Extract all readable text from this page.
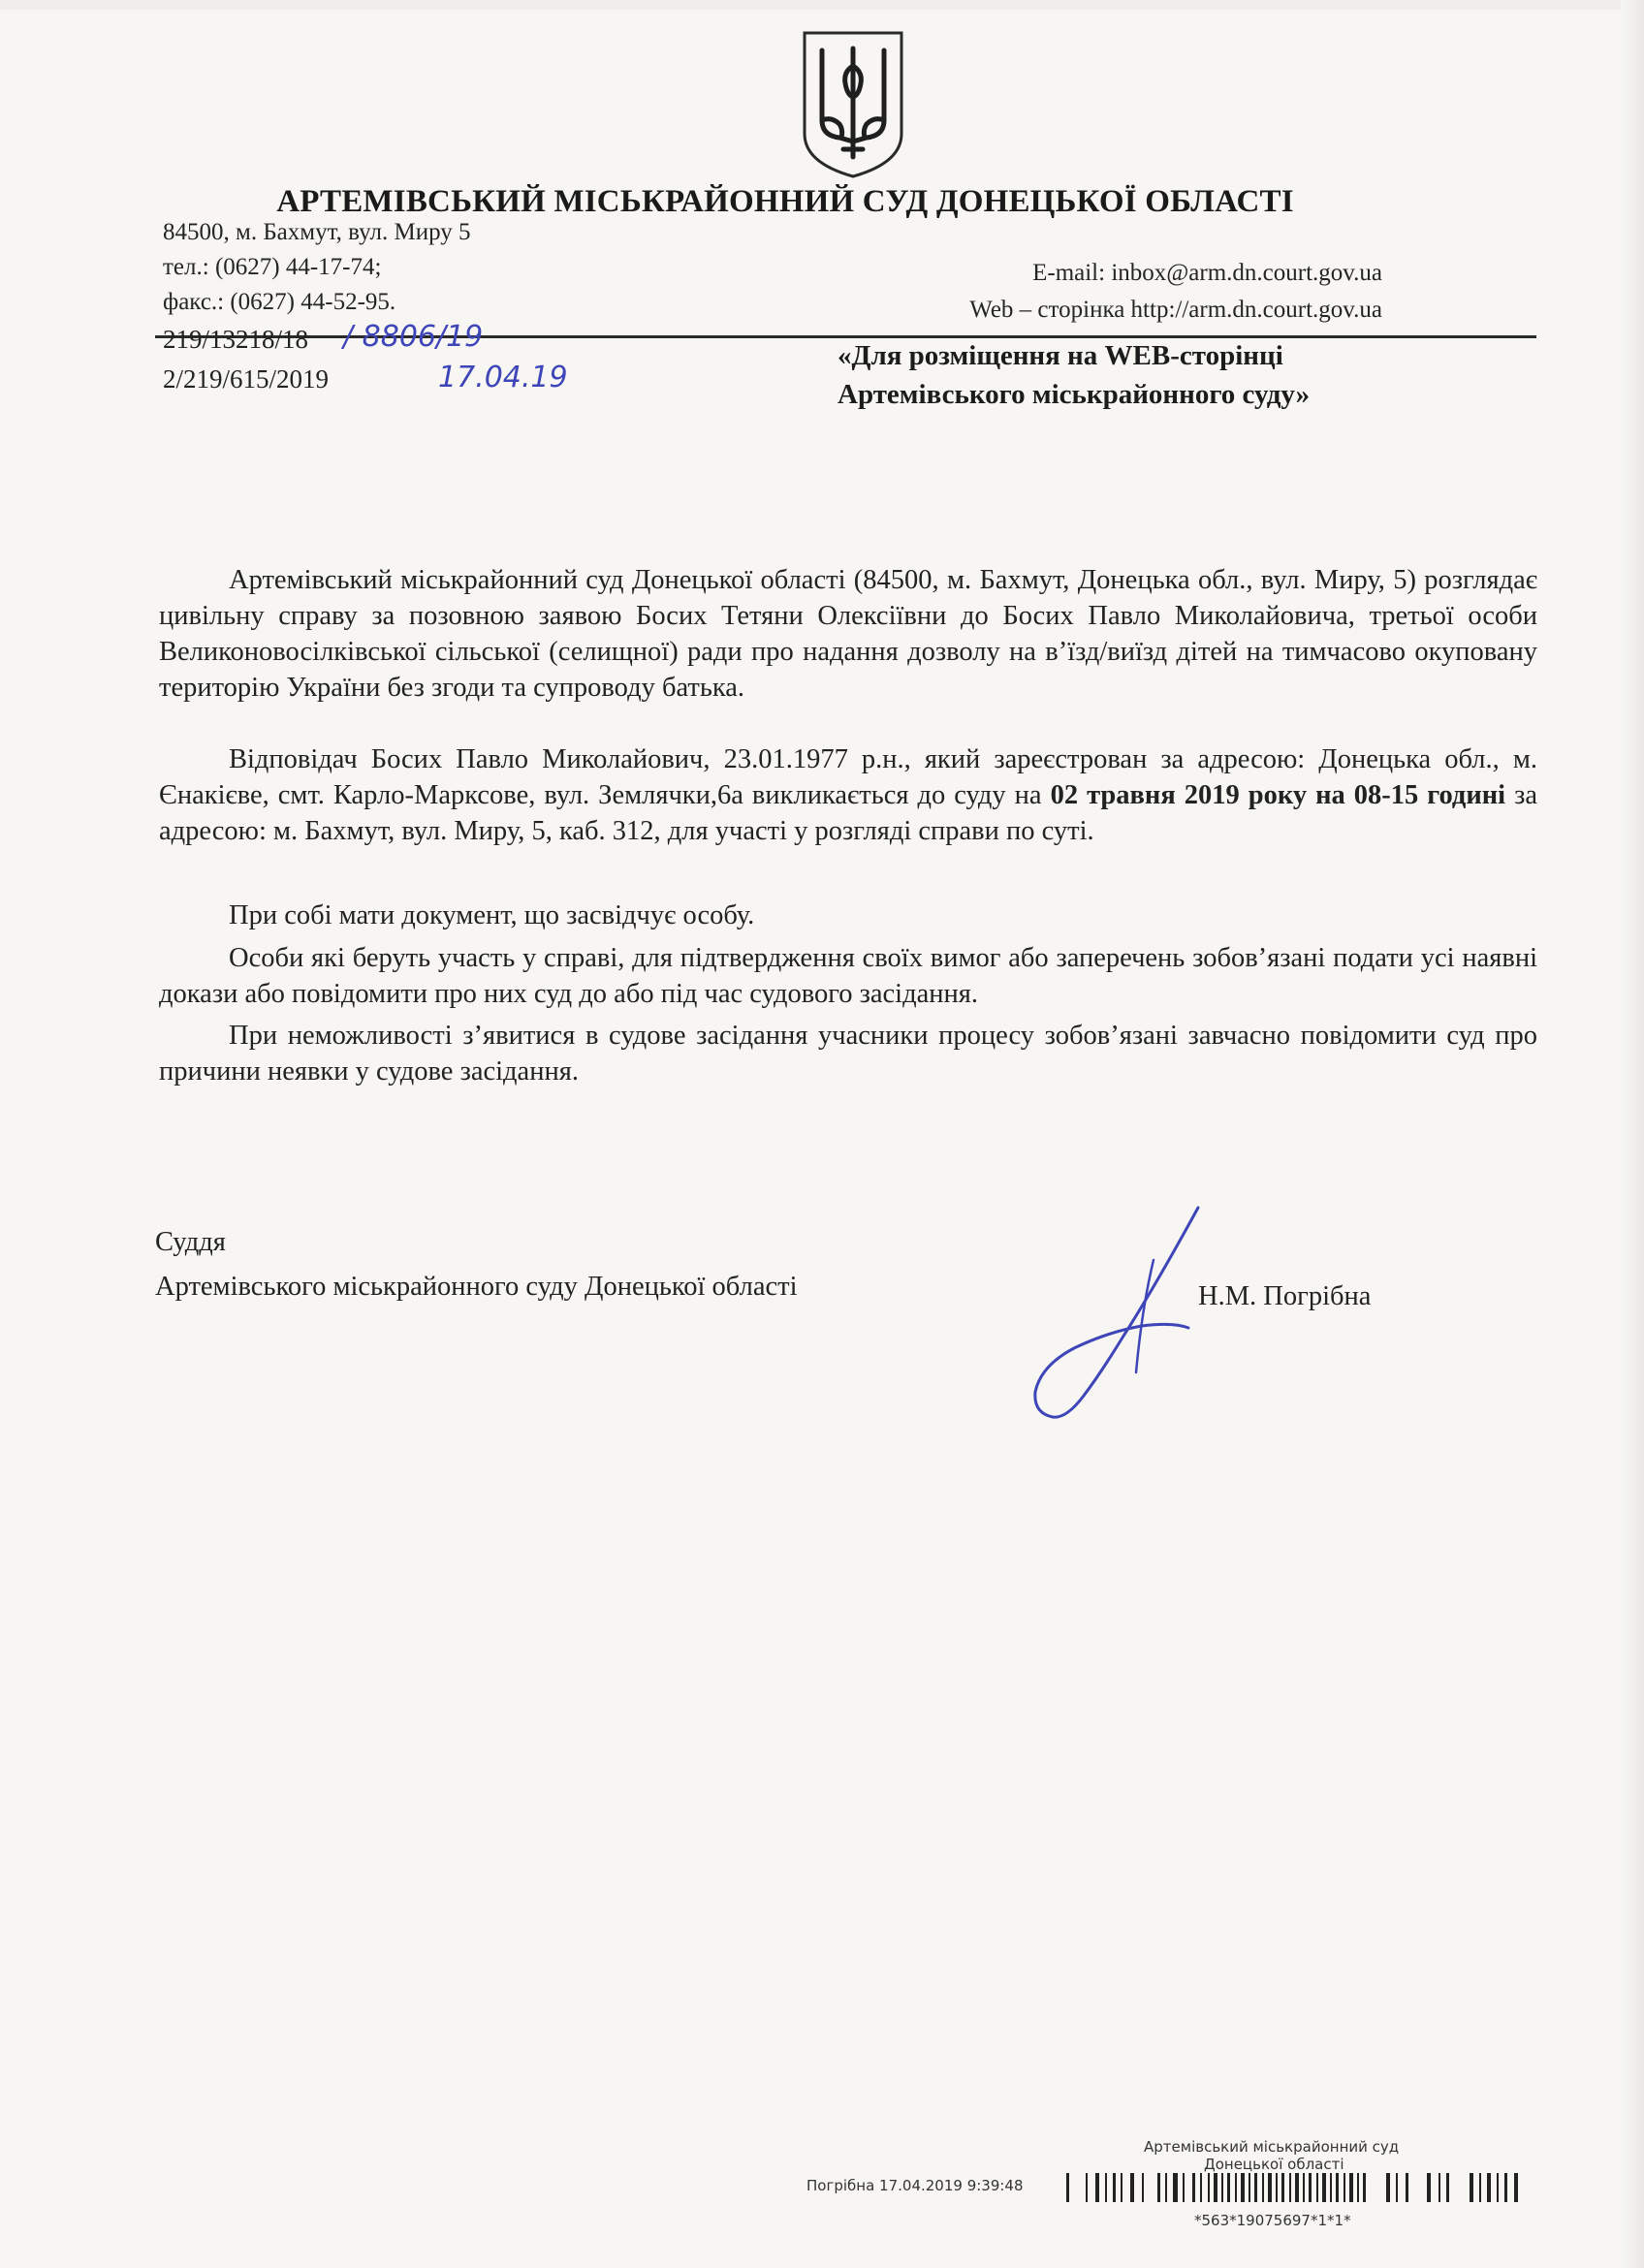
АРТЕМІВСЬКИЙ МІСЬКРАЙОННИЙ СУД ДОНЕЦЬКОЇ ОБЛАСТІ
84500, м. Бахмут, вул. Миру 5
тел.: (0627) 44-17-74;
факс.: (0627) 44-52-95.
E-mail: inbox@arm.dn.court.gov.ua
Web – сторінка http://arm.dn.court.gov.ua
219/13218/18
2/219/615/2019
/ 8806/19
17.04.19
«Для розміщення на WEB-сторінці
Артемівського міськрайонного суду»

Артемівський міськрайонний суд Донецької області (84500, м. Бахмут, Донецька обл., вул. Миру, 5) розглядає цивільну справу за позовною заявою Босих Тетяни Олексіївни до Босих Павло Миколайовича, третьої особи Великоновосілківської сільської (селищної) ради про надання дозволу на в’їзд/виїзд дітей на тимчасово окуповану територію України без згоди та супроводу батька.

Відповідач Босих Павло Миколайович, 23.01.1977 р.н., який зареєстрован за адресою: Донецька обл., м. Єнакієве, смт. Карло-Марксове, вул. Землячки,6а викликається до суду на 02 травня 2019 року на 08-15 годині за адресою: м. Бахмут, вул. Миру, 5, каб. 312, для участі у розгляді справи по суті.

При собі мати документ, що засвідчує особу.

Особи які беруть участь у справі, для підтвердження своїх вимог або заперечень зобов’язані подати усі наявні докази або повідомити про них суд до або під час судового засідання.

При неможливості з’явитися в судове засідання учасники процесу зобов’язані завчасно повідомити суд про причини неявки у судове засідання.

Суддя
Артемівського міськрайонного суду Донецької області	Н.М. Погрібна
Артемівський міськрайонний суд
Донецької області
Погрібна 17.04.2019 9:39:48
*563*19075697*1*1*
